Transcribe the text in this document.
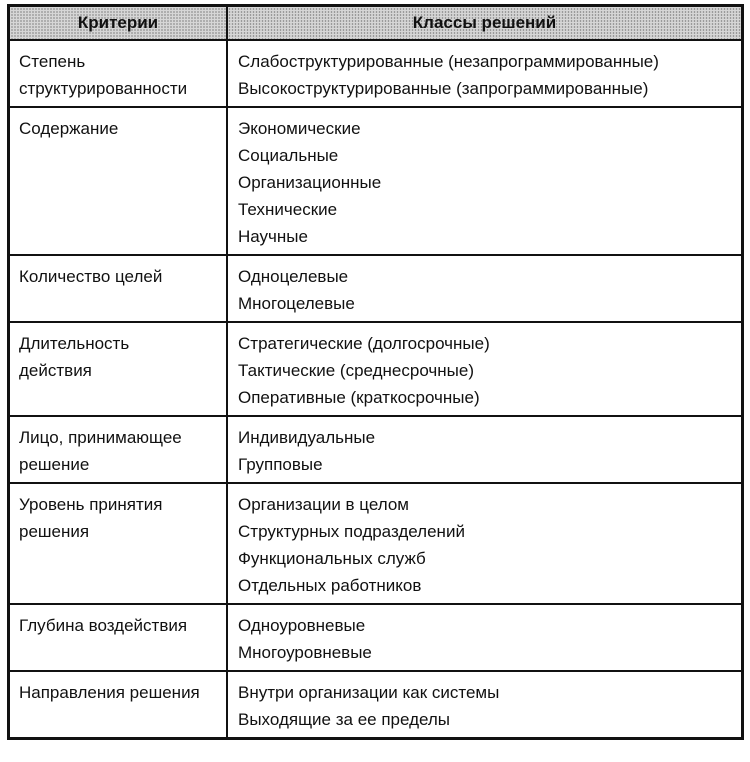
Критерии	Классы решений

Степень
структурированности	Слабоструктурированные (незапрограммированные)
Высокоструктурированные (запрограммированные)

Содержание	Экономические
Социальные
Организационные
Технические
Научные

Количество целей	Одноцелевые
Многоцелевые

Длительность
действия	Стратегические (долгосрочные)
Тактические (среднесрочные)
Оперативные (краткосрочные)

Лицо, принимающее
решение	Индивидуальные
Групповые

Уровень принятия
решения	Организации в целом
Структурных подразделений
Функциональных служб
Отдельных работников

Глубина воздействия	Одноуровневые
Многоуровневые

Направления решения	Внутри организации как системы
Выходящие за ее пределы
